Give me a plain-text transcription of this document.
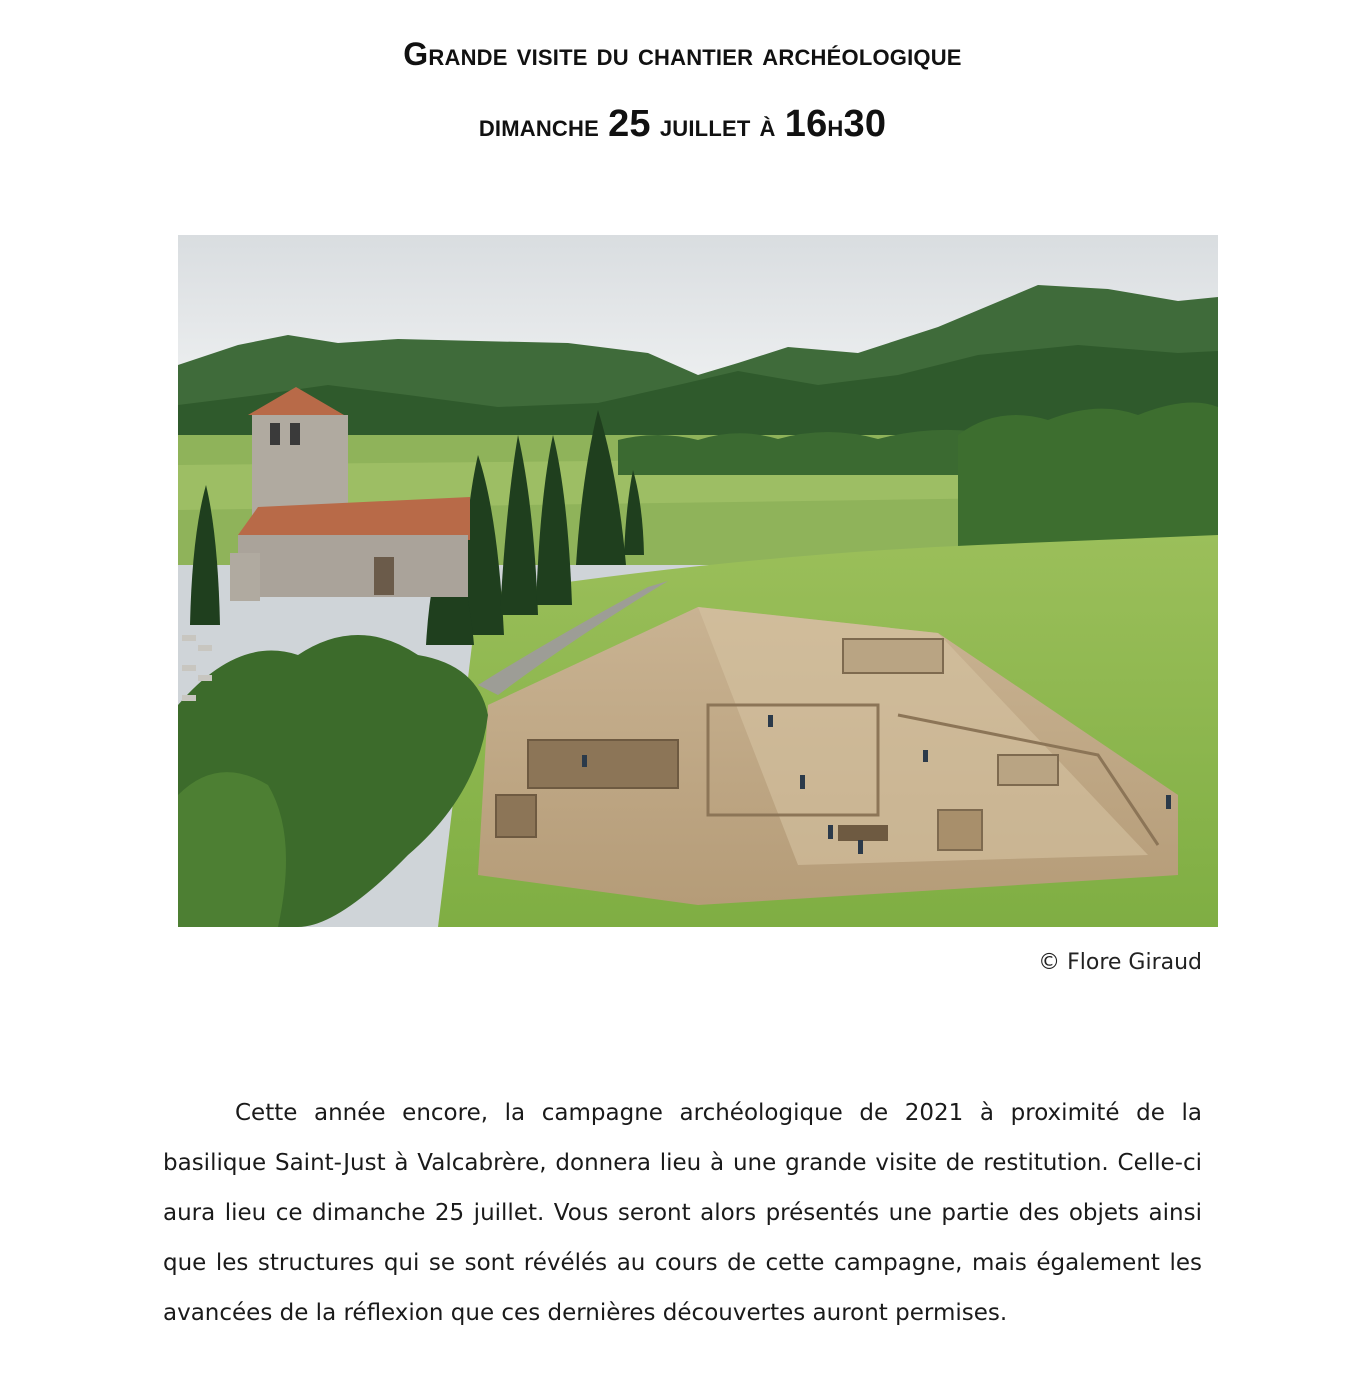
Grande visite du chantier archéologique
dimanche 25 juillet à 16h30
© Flore Giraud

Cette année encore, la campagne archéologique de 2021 à proximité de la basilique Saint-Just à Valcabrère, donnera lieu à une grande visite de restitution. Celle-ci aura lieu ce dimanche 25 juillet. Vous seront alors présentés une partie des objets ainsi que les structures qui se sont révélés au cours de cette campagne, mais également les avancées de la réflexion que ces dernières découvertes auront permises.
